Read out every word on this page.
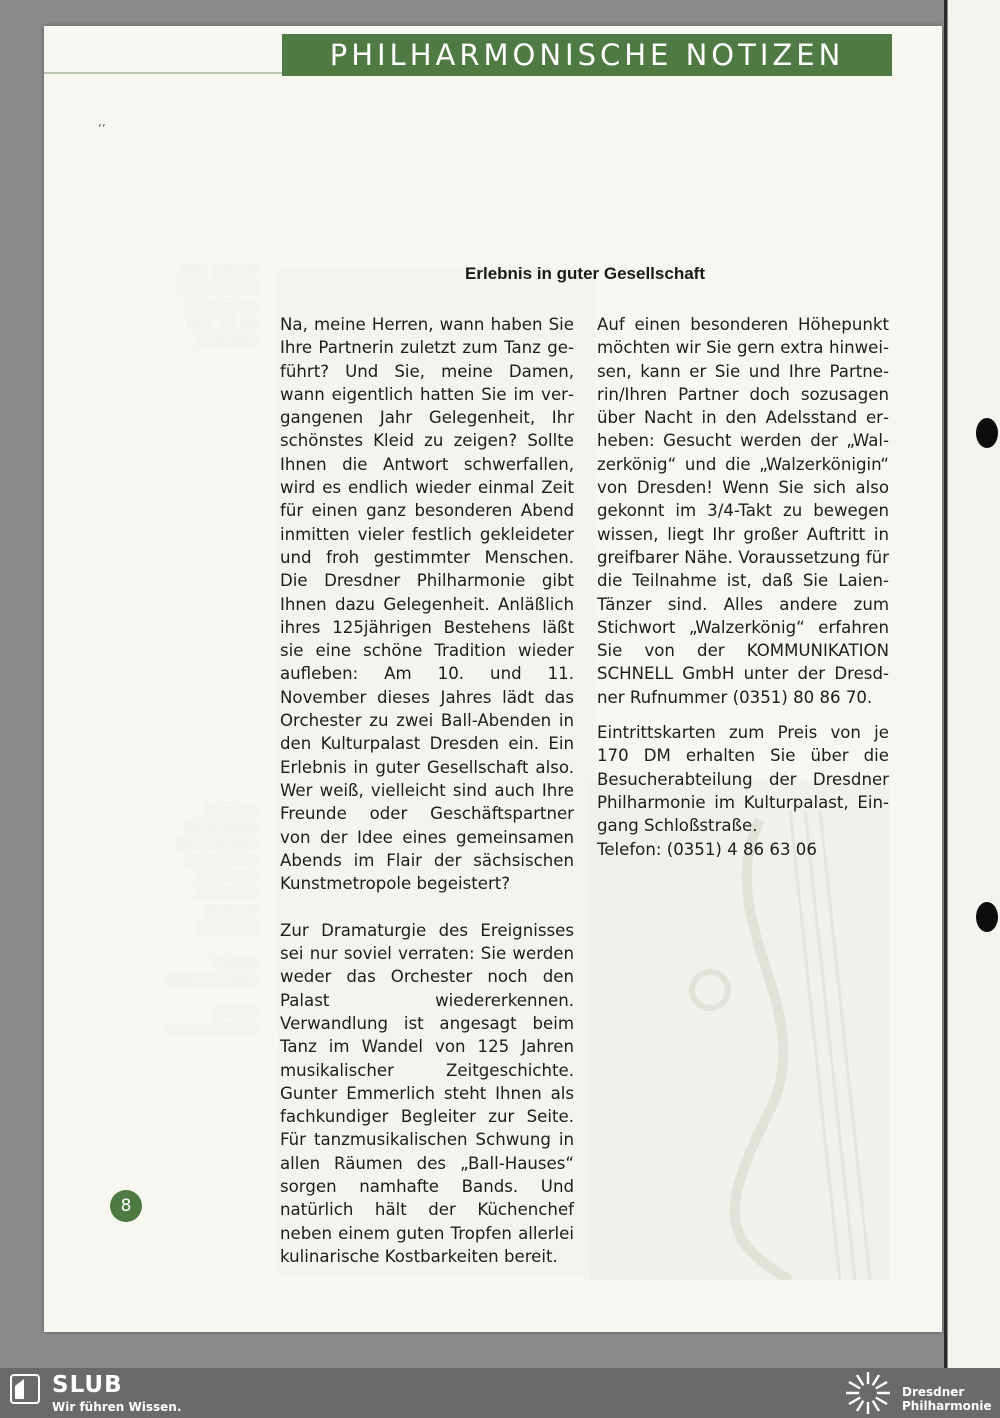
PHILHARMONISCHE NOTIZEN
’’
░░░ ░░░░░
░░░░░░░░░
░░░░░░░░
░░░ ░░ ░░
░░░░░░░
░░░░░░
░░░░░░░░
░░░░░░░░░
░░░░░░░░
░░░░░░░
░░░░░░░
░░░░░░
░░░░░░░

░░░░░
░░░░░░░░░░

░░░░░
░░░░░░░░░░
Erlebnis in guter Gesellschaft

Na, meine Herren, wann haben Sie Ihre Partnerin zuletzt zum Tanz geführt? Und Sie, meine Damen, wann eigentlich hatten Sie im vergangenen Jahr Gelegenheit, Ihr schönstes Kleid zu zeigen? Sollte Ihnen die Antwort schwerfallen, wird es endlich wieder einmal Zeit für einen ganz besonderen Abend inmitten vieler festlich gekleideter und froh gestimmter Menschen. Die Dresdner Philharmonie gibt Ihnen dazu Gelegenheit. Anläßlich ihres 125jährigen Bestehens läßt sie eine schöne Tradition wieder aufleben: Am 10. und 11. November dieses Jahres lädt das Orchester zu zwei Ball-Abenden in den Kulturpalast Dresden ein. Ein Erlebnis in guter Gesellschaft also. Wer weiß, vielleicht sind auch Ihre Freunde oder Geschäftspartner von der Idee eines gemeinsamen Abends im Flair der sächsischen Kunstmetropole begeistert?

Zur Dramaturgie des Ereignisses sei nur soviel verraten: Sie werden weder das Orchester noch den Palast wiedererkennen. Verwandlung ist angesagt beim Tanz im Wandel von 125 Jahren musikalischer Zeitgeschichte. Gunter Emmerlich steht Ihnen als fachkundiger Begleiter zur Seite. Für tanzmusikalischen Schwung in allen Räumen des „Ball-Hauses“ sorgen namhafte Bands. Und natürlich hält der Küchenchef neben einem guten Tropfen allerlei kulinarische Kostbarkeiten bereit.

Auf einen besonderen Höhepunkt möchten wir Sie gern extra hinweisen, kann er Sie und Ihre Partnerin/Ihren Partner doch sozusagen über Nacht in den Adelsstand erheben: Gesucht werden der „Walzerkönig“ und die „Walzerkönigin“ von Dresden! Wenn Sie sich also gekonnt im 3/4-Takt zu bewegen wissen, liegt Ihr großer Auftritt in greifbarer Nähe. Voraussetzung für die Teilnahme ist, daß Sie Laien-Tänzer sind. Alles andere zum Stichwort „Walzerkönig“ erfahren Sie von der KOMMUNIKATION SCHNELL GmbH unter der Dresdner Rufnummer (0351) 80 86 70.

Eintrittskarten zum Preis von je 170 DM erhalten Sie über die Besucherabteilung der Dresdner Philharmonie im Kulturpalast, Eingang Schloßstraße.

Telefon: (0351) 4 86 63 06

8
SLUB
Wir führen Wissen.
Dresdner
Philharmonie
